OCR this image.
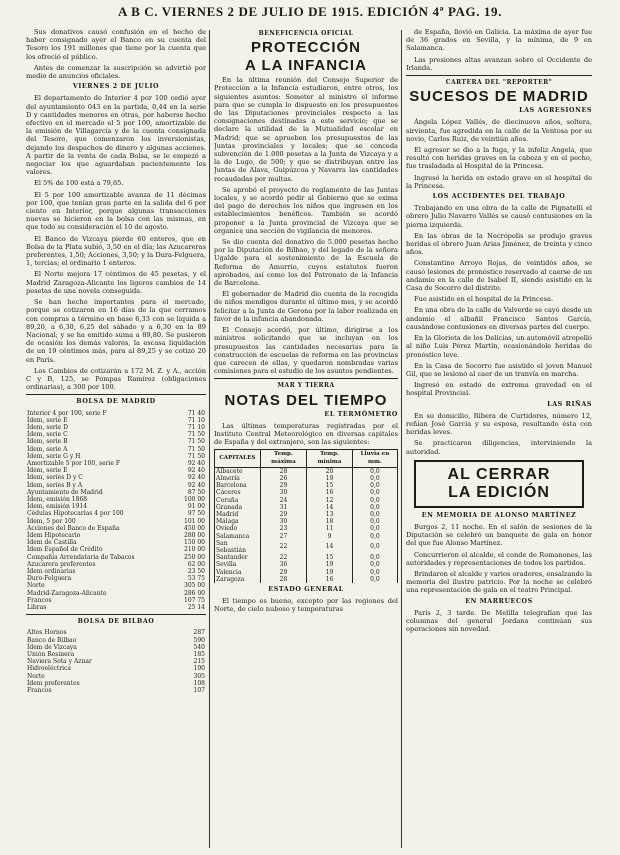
A B C. VIERNES 2 DE JULIO DE 1915. EDICIÓN 4ª PAG. 19.

Sus donativos causó confusión en el hecho de haber consignado ayer el Banco en su cuenta del Tesoro los 191 millones que tiene por la cuenta que los ofreció el público.

Antes de comenzar la suscripción se advirtió por medio de anuncios oficiales.

VIERNES 2 DE JULIO

El departamento de Interior 4 por 100 cedió ayer del ayuntamiento 043 en la partida, 0,44 en la serie D y cantidades menores en otras, por haberse hecho efectivo en el mercado el 5 por 100, amortizable de la emisión de Villagarcía y de la cuenta consignada del Tesoro, que comenzaron los inversionistas, dejando los despachos de dinero y algunas acciones. A partir de la venta de cada Bolsa, se le empezó a negociar los que aguardaban pacientemente los valores.

El 5% de 100 está a 79,65.

El 5 por 100 amortizable avanza de 11 décimas por 100, que tenían gran parte en la salida del 6 por ciento en Interior, porque algunas transacciones nuevas se hicieron en la bolsa con las mismas, en que todo su consideración el 10 de agosto.

El Banco de Vizcaya pierde 60 enteros, que en Bolsa de la Plata subió, 3,50 en el día; las Azucareras preferentes, 1,50; Acciones, 3,50; y la Dura-Felguera, 1, tercias; el ordinario 1 enteros.

El Norte mejora 17 céntimos de 45 pesetas, y el Madrid Zaragoza-Alicante los ligeros cambios de 14 pesetas de una novela conseguida.

Se han hecho importantes para el mercado, porque se cotizaron en 16 días de la que cerramos con compras a término en base 6,33 con se liquida a 89,20, a 6,30, 6,25 del sábado y a 6,30 en la 89 Nacional; y se ha emitido suma a 89,80. Se pusieron de ocasión los demás valores, la escasa liquidación de un 19 céntimos más, para al 89,25 y se cotizó 20 en París.

Los Cambios de cotizarán a 172 M. Z. y A., acción C y B, 125, se Pompas Ramírez (obligaciones ordinarias), a 300 por 100.

BOLSA DE MADRID
Interior 4 por 100, serie F	71 40
Ídem, serie E	71 10
Ídem, serie D	71 10
Ídem, serie C	71 50
Ídem, serie B	71 50
Ídem, serie A	71 50
Ídem, serie G y H	71 50
Amortizable 5 por 100, serie F	92 40
Ídem, serie E	92 40
Ídem, series D y C	92 40
Ídem, series B y A	92 40
Ayuntamiento de Madrid	87 50
Ídem, emisión 1868	100 00
Ídem, emisión 1914	91 00
Cédulas Hipotecarias 4 por 100	97 50
Ídem, 5 por 100	101 00
Acciones del Banco de España	450 00
Ídem Hipotecario	280 00
Ídem de Castilla	150 00
Ídem Español de Crédito	210 00
Compañía Arrendataria de Tabacos	250 00
Azucarera preferentes	62 00
Ídem ordinarias	23 50
Duro-Felguera	53 75
Norte	305 00
Madrid-Zaragoza-Alicante	286 00
Francos	107 75
Libras	25 14
BOLSA DE BILBAO
Altos Hornos	287
Banco de Bilbao	590
Ídem de Vizcaya	540
Unión Resinera	185
Naviera Sota y Aznar	215
Hidroeléctrica	190
Norte	305
Ídem preferentes	108
Francos	107
BENEFICENCIA OFICIAL
PROTECCIÓN
A LA INFANCIA

En la última reunión del Consejo Superior de Protección a la Infancia estudiaron, entre otros, los siguientes asuntos: Someter al ministro el informe para que se cumpla lo dispuesto en los presupuestos de las Diputaciones provinciales respecto a las consignaciones destinadas a este servicio; que se declare la utilidad de la Mutualidad escolar en Madrid; que se aprueben los presupuestos de las Juntas provinciales y locales; que se conceda subvención de 1.000 pesetas a la Junta de Vizcaya y a la de Lugo, de 500; y que se distribuyan entre las Juntas de Alava, Guipúzcoa y Navarra las cantidades recaudadas por multas.

Se aprobó el proyecto de reglamento de las Juntas locales, y se acordó pedir al Gobierno que se exima del pago de derechos los niños que ingresen en los establecimientos benéficos. También se acordó proponer a la Junta provincial de Vizcaya que se organice una sección de vigilancia de menores.

Se dio cuenta del donativo de 5.000 pesetas hecho por la Diputación de Bilbao, y del legado de la señora Ugalde para el sostenimiento de la Escuela de Reforma de Amurrio, cuyos estatutos fueron aprobados, así como los del Patronato de la Infancia de Barcelona.

El gobernador de Madrid dio cuenta de la recogida de niños mendigos durante el último mes, y se acordó felicitar a la Junta de Gerona por la labor realizada en favor de la infancia abandonada.

El Consejo acordó, por último, dirigirse a los ministros solicitando que se incluyan en los presupuestos las cantidades necesarias para la construcción de escuelas de reforma en las provincias que carecen de ellas, y quedaron nombradas varias comisiones para el estudio de los asuntos pendientes.

MAR Y TIERRA
NOTAS DEL TIEMPO
EL TERMÓMETRO

Las últimas temperaturas registradas por el Instituto Central Meteorológico en diversas capitales de España y del extranjero, son las siguientes:

CAPITALES	Temp. máxima	Temp. mínima	Lluvia en mm.
Albacete	28	20	0,0
Almería	26	19	0,0
Barcelona	29	15	0,0
Cáceres	30	16	0,0
Coruña	24	12	0,0
Granada	31	14	0,0
Madrid	29	13	0,0
Málaga	30	18	0,0
Oviedo	23	11	0,0
Salamanca	27	9	0,0
San Sebastián	22	14	0,0
Santander	22	15	0,0
Sevilla	36	19	0,0
Valencia	29	19	0,0
Zaragoza	28	16	0,0
ESTADO GENERAL

El tiempo es bueno, excepto por las regiones del Norte, de cielo nuboso y temperaturas

de España, llovió en Galicia. La máxima de ayer fue de 36 grados en Sevilla, y la mínima, de 9 en Salamanca.

Las presiones altas avanzan sobre el Occidente de Irlanda.

CARTERA DEL "REPORTER"
SUCESOS DE MADRID
LAS AGRESIONES

Ángela López Vallés, de diecinueve años, soltera, sirvienta, fue agredida en la calle de la Ventosa por su novio, Carlos Ruiz, de veintiún años.

El agresor se dio a la fuga, y la infeliz Ángela, que resultó con heridas graves en la cabeza y en el pecho, fue trasladada al Hospital de la Princesa.

Ingresó la herida en estado grave en el hospital de la Princesa.

LOS ACCIDENTES DEL TRABAJO

Trabajando en una obra de la calle de Pignatelli el obrero Julio Navarro Vallés se causó contusiones en la pierna izquierda.

En las obras de la Necrópolis se produjo graves heridas el obrero Juan Arias Jiménez, de treinta y cinco años.

Constantino Arroyo Rojas, de veintidós años, se causó lesiones de pronóstico reservado al caerse de un andamio en la calle de Isabel II, siendo asistido en la Casa de Socorro del distrito.

Fue asistido en el hospital de la Princesa.

En una obra de la calle de Valverde se cayó desde un andamio el albañil Francisco Santos García, causándose contusiones en diversas partes del cuerpo.

En la Glorieta de los Delicias, un automóvil atropelló al niño Luis Pérez Martín, ocasionándole heridas de pronóstico leve.

En la Casa de Socorro fue asistido el joven Manuel Gil, que se lesionó al caer de un tranvía en marcha.

Ingresó en estado de extrema gravedad en el hospital Provincial.

LAS RIÑAS

En su domicilio, Ribera de Curtidores, número 12, reñían José García y su esposa, resultando ésta con heridas leves.

Se practicaron diligencias, interviniendo la autoridad.

AL CERRAR
LA EDICIÓN
EN MEMORIA DE ALONSO MARTÍNEZ

Burgos 2, 11 noche. En el salón de sesiones de la Diputación se celebró un banquete de gala en honor del que fue Alonso Martínez.

Concurrieron el alcalde, el conde de Romanones, las autoridades y representaciones de todos los partidos.

Brindaron el alcalde y varios oradores, ensalzando la memoria del ilustre patricio. Por la noche se celebró una representación de gala en el teatro Principal.

EN MARRUECOS

París 2, 3 tarde. De Melilla telegrafían que las columnas del general Jordana continúan sus operaciones sin novedad.
